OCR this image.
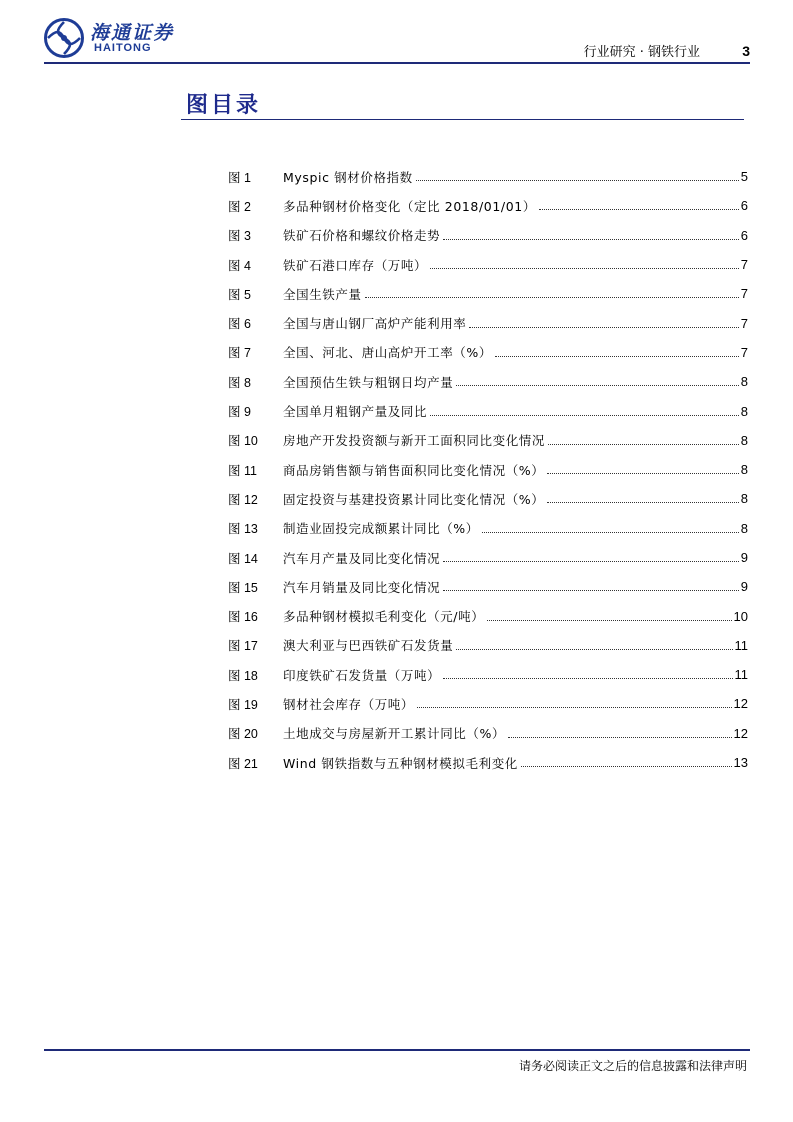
海通证券
HAITONG	行业研究 · 钢铁行业	3
图目录
图 1	Myspic 钢材价格指数	5
图 2	多品种钢材价格变化（定比 2018/01/01）	6
图 3	铁矿石价格和螺纹价格走势	6
图 4	铁矿石港口库存（万吨）	7
图 5	全国生铁产量	7
图 6	全国与唐山钢厂高炉产能利用率	7
图 7	全国、河北、唐山高炉开工率（%）	7
图 8	全国预估生铁与粗钢日均产量	8
图 9	全国单月粗钢产量及同比	8
图 10	房地产开发投资额与新开工面积同比变化情况	8
图 11	商品房销售额与销售面积同比变化情况（%）	8
图 12	固定投资与基建投资累计同比变化情况（%）	8
图 13	制造业固投完成额累计同比（%）	8
图 14	汽车月产量及同比变化情况	9
图 15	汽车月销量及同比变化情况	9
图 16	多品种钢材模拟毛利变化（元/吨）	10
图 17	澳大利亚与巴西铁矿石发货量	11
图 18	印度铁矿石发货量（万吨）	11
图 19	钢材社会库存（万吨）	12
图 20	土地成交与房屋新开工累计同比（%）	12
图 21	Wind 钢铁指数与五种钢材模拟毛利变化	13
请务必阅读正文之后的信息披露和法律声明
